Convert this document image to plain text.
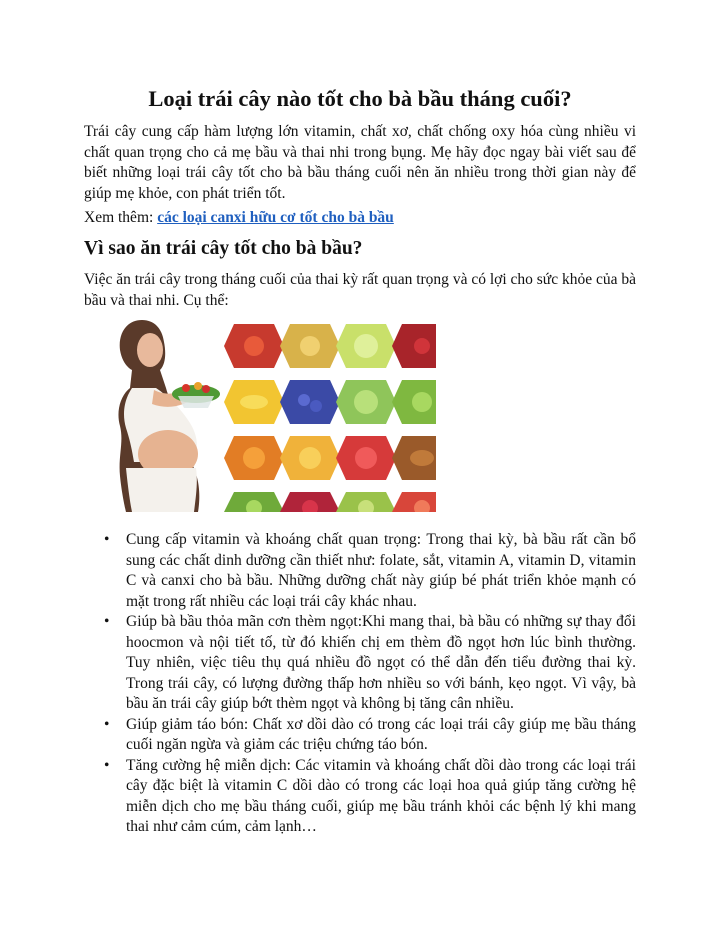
Loại trái cây nào tốt cho bà bầu tháng cuối?

Trái cây cung cấp hàm lượng lớn vitamin, chất xơ, chất chống oxy hóa cùng nhiều vi chất quan trọng cho cả mẹ bầu và thai nhi trong bụng. Mẹ hãy đọc ngay bài viết sau để biết những loại trái cây tốt cho bà bầu tháng cuối nên ăn nhiều trong thời gian này để giúp mẹ khỏe, con phát triển tốt.

Xem thêm: các loại canxi hữu cơ tốt cho bà bầu

Vì sao ăn trái cây tốt cho bà bầu?

Việc ăn trái cây trong tháng cuối của thai kỳ rất quan trọng và có lợi cho sức khỏe của bà bầu và thai nhi. Cụ thể:

• Cung cấp vitamin và khoáng chất quan trọng: Trong thai kỳ, bà bầu rất cần bổ sung các chất dinh dưỡng cần thiết như: folate, sắt, vitamin A, vitamin D, vitamin C và canxi cho bà bầu. Những dưỡng chất này giúp bé phát triển khỏe mạnh có mặt trong rất nhiều các loại trái cây khác nhau.
• Giúp bà bầu thỏa mãn cơn thèm ngọt:Khi mang thai, bà bầu có những sự thay đổi hoocmon và nội tiết tố, từ đó khiến chị em thèm đồ ngọt hơn lúc bình thường. Tuy nhiên, việc tiêu thụ quá nhiều đồ ngọt có thể dẫn đến tiểu đường thai kỳ. Trong trái cây, có lượng đường thấp hơn nhiều so với bánh, kẹo ngọt. Vì vậy, bà bầu ăn trái cây giúp bớt thèm ngọt và không bị tăng cân nhiều.
• Giúp giảm táo bón: Chất xơ dồi dào có trong các loại trái cây giúp mẹ bầu tháng cuối ngăn ngừa và giảm các triệu chứng táo bón.
• Tăng cường hệ miễn dịch: Các vitamin và khoáng chất dồi dào trong các loại trái cây đặc biệt là vitamin C dồi dào có trong các loại hoa quả giúp tăng cường hệ miễn dịch cho mẹ bầu tháng cuối, giúp mẹ bầu tránh khỏi các bệnh lý khi mang thai như cảm cúm, cảm lạnh…
